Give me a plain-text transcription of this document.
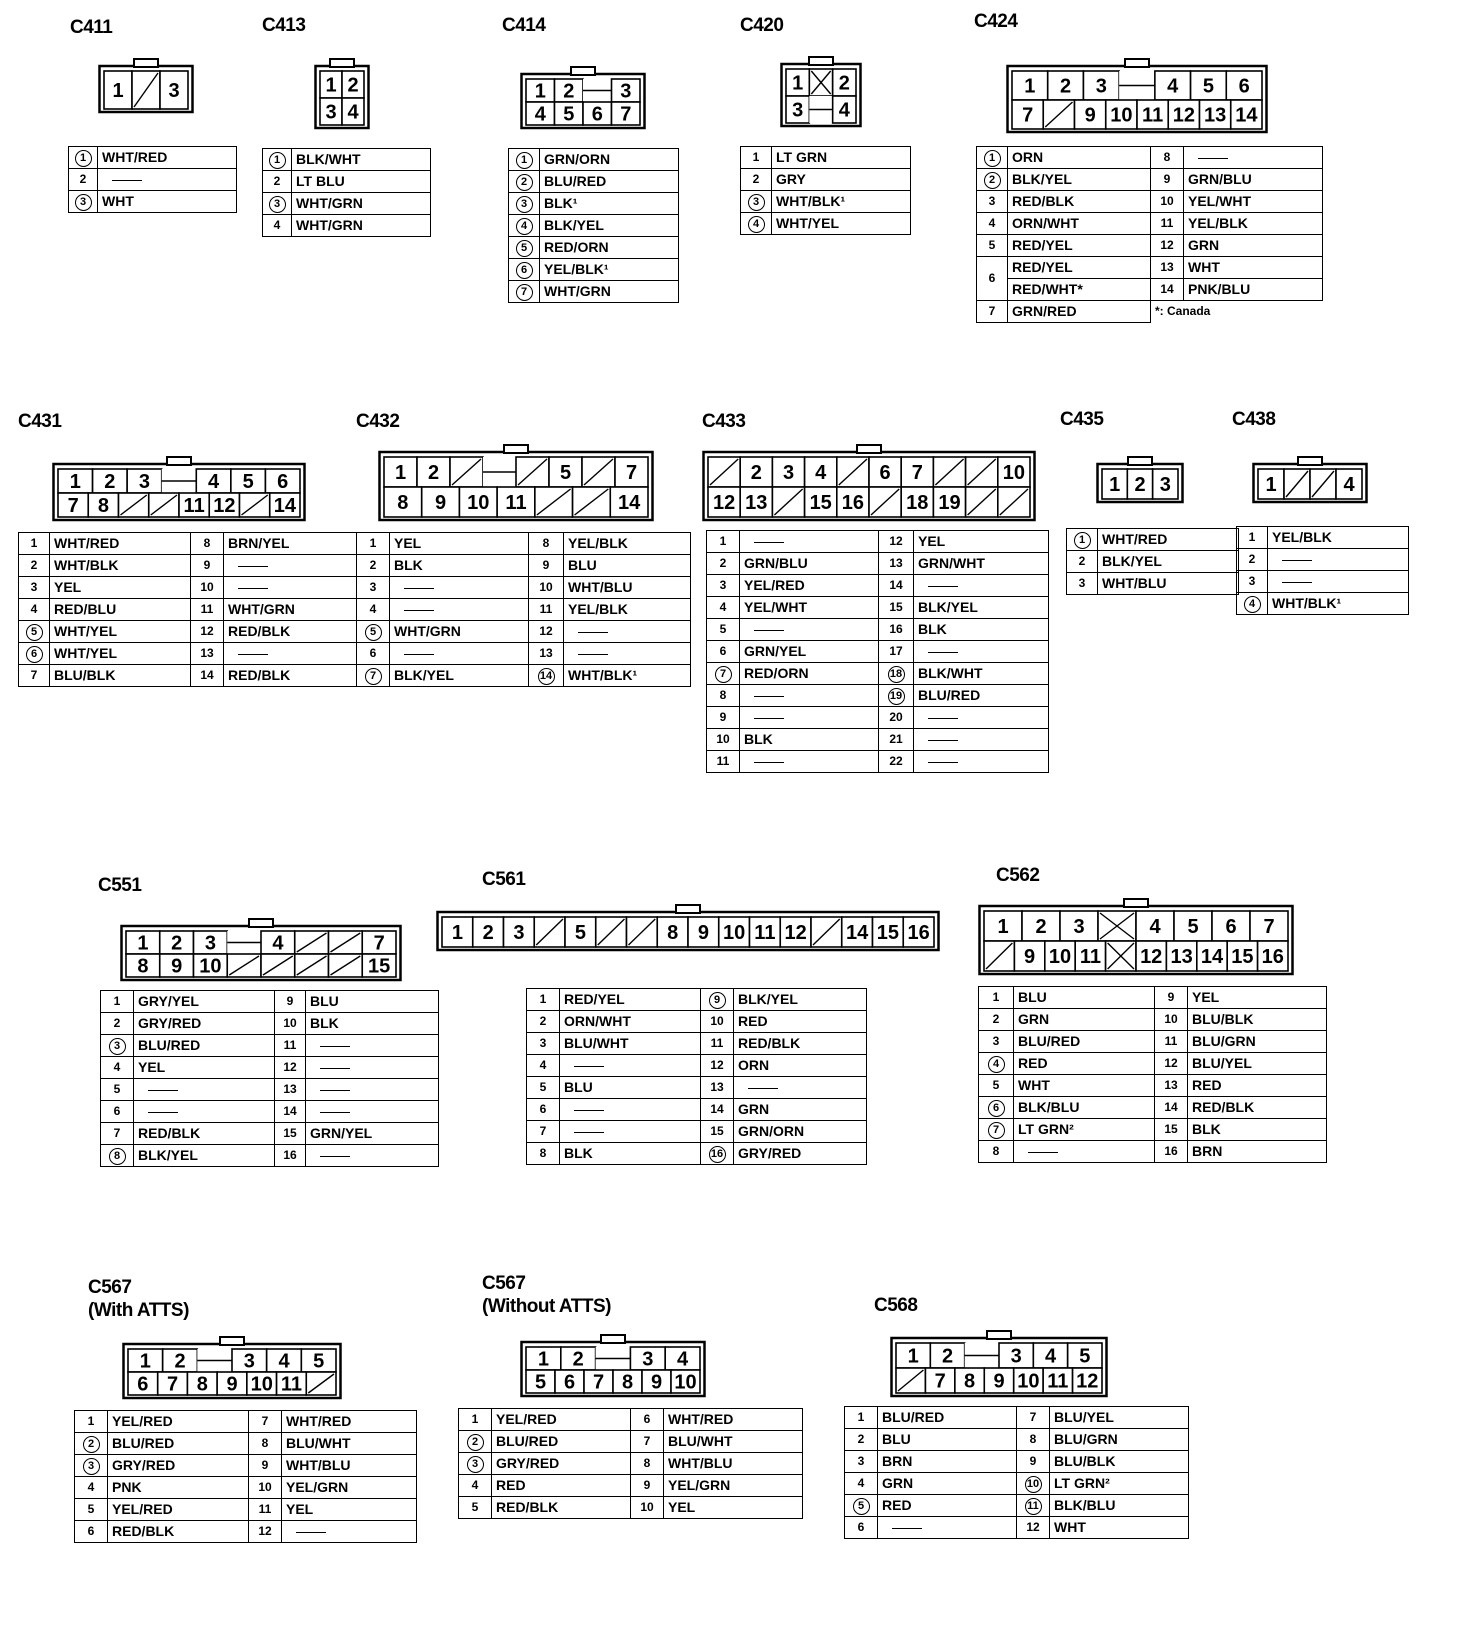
C411
1 3
1	WHT/RED
2	
3	WHT
C413
1 2
3 4
1	BLK/WHT
2	LT BLU
3	WHT/GRN
4	WHT/GRN
C414
1 2 3
4 5 6 7
1	GRN/ORN
2	BLU/RED
3	BLK¹
4	BLK/YEL
5	RED/ORN
6	YEL/BLK¹
7	WHT/GRN
C420
1 2
3 4
1	LT GRN
2	GRY
3	WHT/BLK¹
4	WHT/YEL
C424
1 2 3	4 5 6
7	9 10 11 12 13 14
1	ORN	8	
2	BLK/YEL	9	GRN/BLU
3	RED/BLK	10	YEL/WHT
4	ORN/WHT	11	YEL/BLK
5	RED/YEL	12	GRN
6	RED/YEL	13	WHT
	RED/WHT*	14	PNK/BLU
7	GRN/RED	*: Canada	
C431
1 2 3	4 5 6
7 8	11 12 14
1	WHT/RED	8	BRN/YEL
2	WHT/BLK	9	
3	YEL	10	
4	RED/BLU	11	WHT/GRN
5	WHT/YEL	12	RED/BLK
6	WHT/YEL	13	
7	BLU/BLK	14	RED/BLK
C432
1 2	5	7
8 9 10 11	14
1	YEL	8	YEL/BLK
2	BLK	9	BLU
3		10	WHT/BLU
4		11	YEL/BLK
5	WHT/GRN	12	
6		13	
7	BLK/YEL	14	WHT/BLK¹
C433
2 3 4	6 7	10
12 13 15 16 18 19
1		12	YEL
2	GRN/BLU	13	GRN/WHT
3	YEL/RED	14	
4	YEL/WHT	15	BLK/YEL
5		16	BLK
6	GRN/YEL	17	
7	RED/ORN	18	BLK/WHT
8		19	BLU/RED
9		20	
10	BLK	21	
11		22	
C435
1 2 3
1	WHT/RED
2	BLK/YEL
3	WHT/BLU
C438
1	4
1	YEL/BLK
2	
3	
4	WHT/BLK¹
C551
1 2 3	4	7
8 9 10	15
1	GRY/YEL	9	BLU
2	GRY/RED	10	BLK
3	BLU/RED	11	
4	YEL	12	
5		13	
6		14	
7	RED/BLK	15	GRN/YEL
8	BLK/YEL	16	
C561
1 2 3	5	8 9 10 11 12 14 15 16
1	RED/YEL	9	BLK/YEL
2	ORN/WHT	10	RED
3	BLU/WHT	11	RED/BLK
4		12	ORN
5	BLU	13	
6		14	GRN
7		15	GRN/ORN
8	BLK	16	GRY/RED
C562
1 2 3	4 5 6 7
9 10 11 12 13 14 15 16
1	BLU	9	YEL
2	GRN	10	BLU/BLK
3	BLU/RED	11	BLU/GRN
4	RED	12	BLU/YEL
5	WHT	13	RED
6	BLK/BLU	14	RED/BLK
7	LT GRN²	15	BLK
8		16	BRN
C567
(With ATTS)
1 2	3 4 5
6 7 8 9 10 11
1	YEL/RED	7	WHT/RED
2	BLU/RED	8	BLU/WHT
3	GRY/RED	9	WHT/BLU
4	PNK	10	YEL/GRN
5	YEL/RED	11	YEL
6	RED/BLK	12	
C567
(Without ATTS)
1 2	3 4
5 6 7 8 9 10
1	YEL/RED	6	WHT/RED
2	BLU/RED	7	BLU/WHT
3	GRY/RED	8	WHT/BLU
4	RED	9	YEL/GRN
5	RED/BLK	10	YEL
C568
1 2	3 4 5
7 8 9 10 11 12
1	BLU/RED	7	BLU/YEL
2	BLU	8	BLU/GRN
3	BRN	9	BLU/BLK
4	GRN	10	LT GRN²
5	RED	11	BLK/BLU
6		12	WHT
